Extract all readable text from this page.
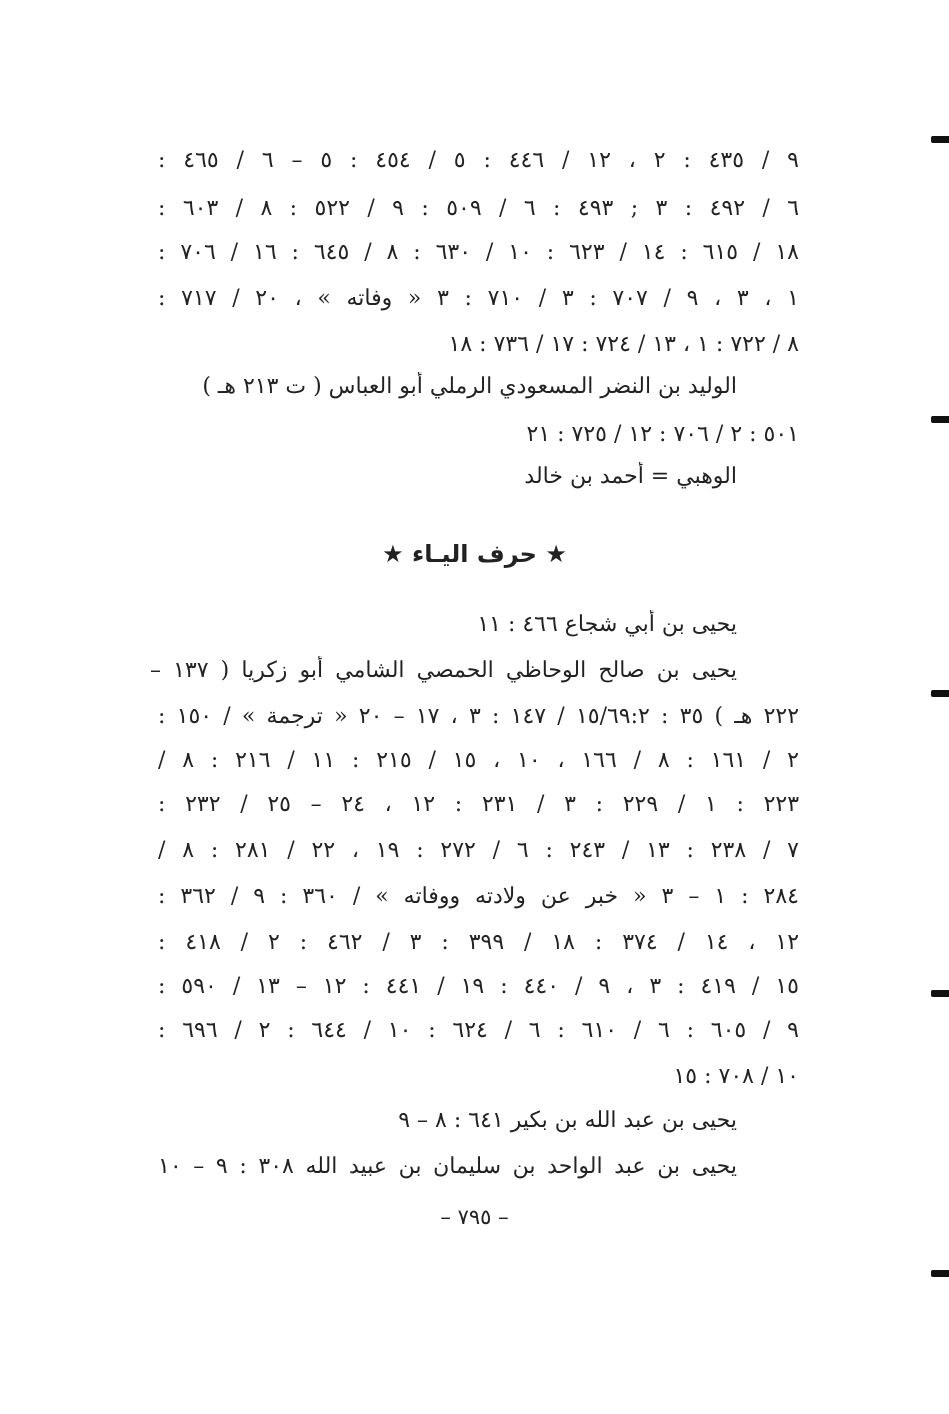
٩ / ٤٣٥ : ٢ ، ١٢ / ٤٤٦ : ٥ / ٤٥٤ : ٥ – ٦ / ٤٦٥ :
٦ / ٤٩٢ : ٣ ; ٤٩٣ : ٦ / ٥٠٩ : ٩ / ٥٢٢ : ٨ / ٦٠٣ :
١٨ / ٦١٥ : ١٤ / ٦٢٣ : ١٠ / ٦٣٠ : ٨ / ٦٤٥ : ١٦ / ٧٠٦ :
١ ، ٣ ، ٩ / ٧٠٧ : ٣ / ٧١٠ : ٣ « وفاته » ، ٢٠ / ٧١٧ :
٨ / ٧٢٢ : ١ ، ١٣ / ٧٢٤ : ١٧ / ٧٣٦ : ١٨
الوليد بن النضر المسعودي الرملي أبو العباس ( ت ٢١٣ هـ )
٥٠١ : ٢ / ٧٠٦ : ١٢ / ٧٢٥ : ٢١
الوهبي = أحمد بن خالد
★ حرف اليـاء ★
يحيى بن أبي شجاع ٤٦٦ : ١١
يحيى بن صالح الوحاظي الحمصي الشامي أبو زكريا ( ١٣٧ –
٢٢٢ هـ ) ٣٥ : ١٥/٦٩:٢ / ١٤٧ : ٣ ، ١٧ – ٢٠ « ترجمة » / ١٥٠ :
٢ / ١٦١ : ٨ / ١٦٦ ، ١٠ ، ١٥ / ٢١٥ : ١١ / ٢١٦ : ٨ /
٢٢٣ : ١ / ٢٢٩ : ٣ / ٢٣١ : ١٢ ، ٢٤ – ٢٥ / ٢٣٢ :
٧ / ٢٣٨ : ١٣ / ٢٤٣ : ٦ / ٢٧٢ : ١٩ ، ٢٢ / ٢٨١ : ٨ /
٢٨٤ : ١ – ٣ « خبر عن ولادته ووفاته » / ٣٦٠ : ٩ / ٣٦٢ :
١٢ ، ١٤ / ٣٧٤ : ١٨ / ٣٩٩ : ٣ / ٤٦٢ : ٢ / ٤١٨ :
١٥ / ٤١٩ : ٣ ، ٩ / ٤٤٠ : ١٩ / ٤٤١ : ١٢ – ١٣ / ٥٩٠ :
٩ / ٦٠٥ : ٦ / ٦١٠ : ٦ / ٦٢٤ : ١٠ / ٦٤٤ : ٢ / ٦٩٦ :
١٠ / ٧٠٨ : ١٥
يحيى بن عبد الله بن بكير ٦٤١ : ٨ – ٩
يحيى بن عبد الواحد بن سليمان بن عبيد الله ٣٠٨ : ٩ – ١٠
– ٧٩٥ –
